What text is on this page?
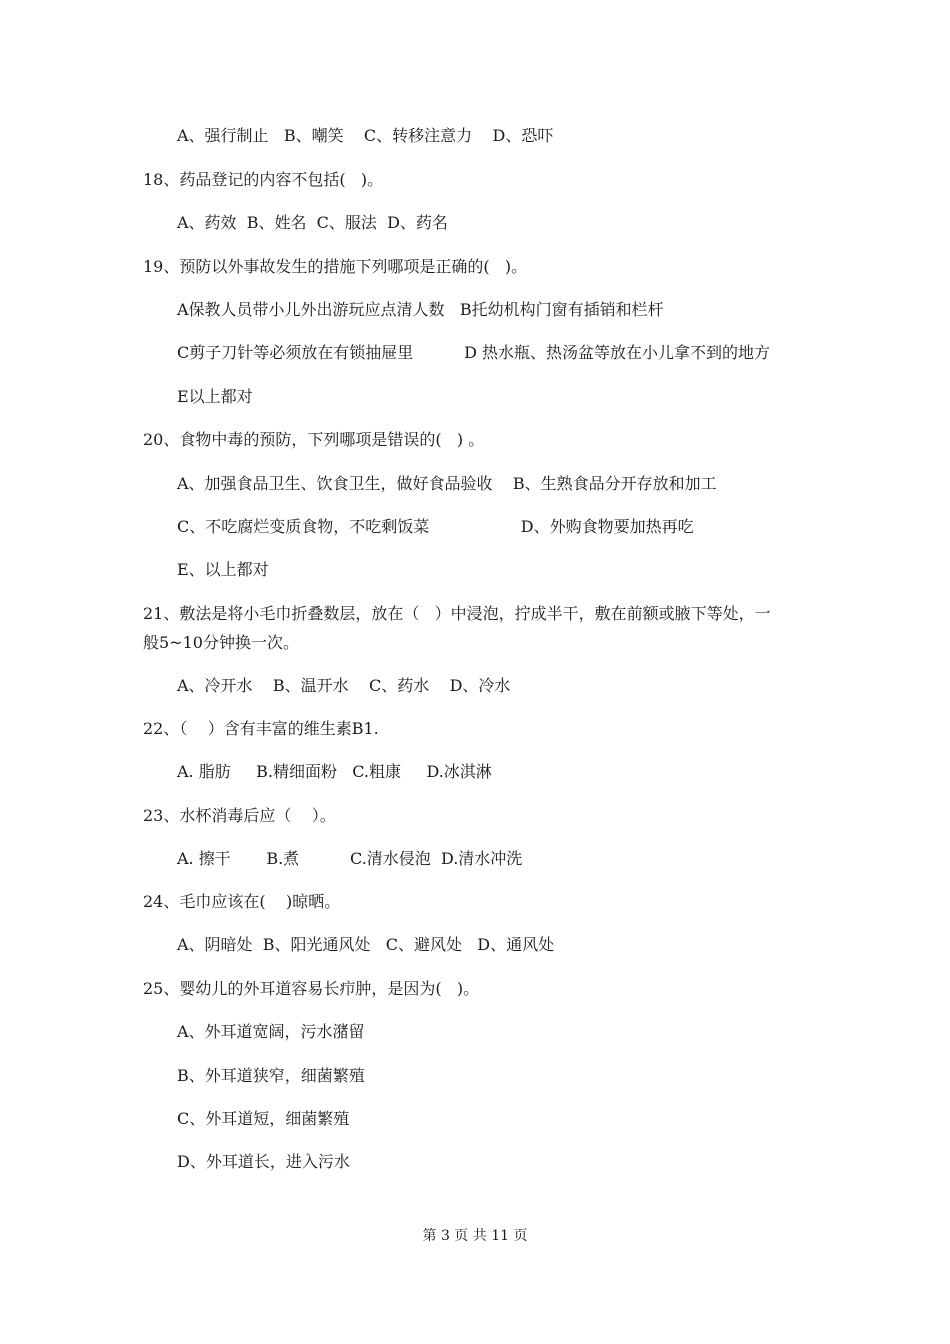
A、强行制止   B、嘲笑    C、转移注意力    D、恐吓
18、药品登记的内容不包括(   )。
A、药效  B、姓名  C、服法  D、药名
19、预防以外事故发生的措施下列哪项是正确的(   )。
A保教人员带小儿外出游玩应点清人数   B托幼机构门窗有插销和栏杆
C剪子刀针等必须放在有锁抽屉里          D 热水瓶、热汤盆等放在小儿拿不到的地方
E以上都对
20、食物中毒的预防，下列哪项是错误的(   ) 。
A、加强食品卫生、饮食卫生，做好食品验收    B、生熟食品分开存放和加工
C、不吃腐烂变质食物，不吃剩饭菜                  D、外购食物要加热再吃
E、以上都对
21、敷法是将小毛巾折叠数层，放在（   ）中浸泡，拧成半干，敷在前额或腋下等处，一
般5~10分钟换一次。
A、冷开水    B、温开水    C、药水    D、冷水
22、（    ）含有丰富的维生素B1.
A. 脂肪     B.精细面粉   C.粗康     D.冰淇淋
23、水杯消毒后应（    ）。
A. 擦干       B.煮          C.清水侵泡  D.清水冲洗
24、毛巾应该在(    )晾晒。
A、阴暗处  B、阳光通风处   C、避风处   D、通风处
25、婴幼儿的外耳道容易长疖肿，是因为(   )。
A、外耳道宽阔，污水潴留
B、外耳道狭窄，细菌繁殖
C、外耳道短，细菌繁殖
D、外耳道长，进入污水
第 3 页 共 11 页
